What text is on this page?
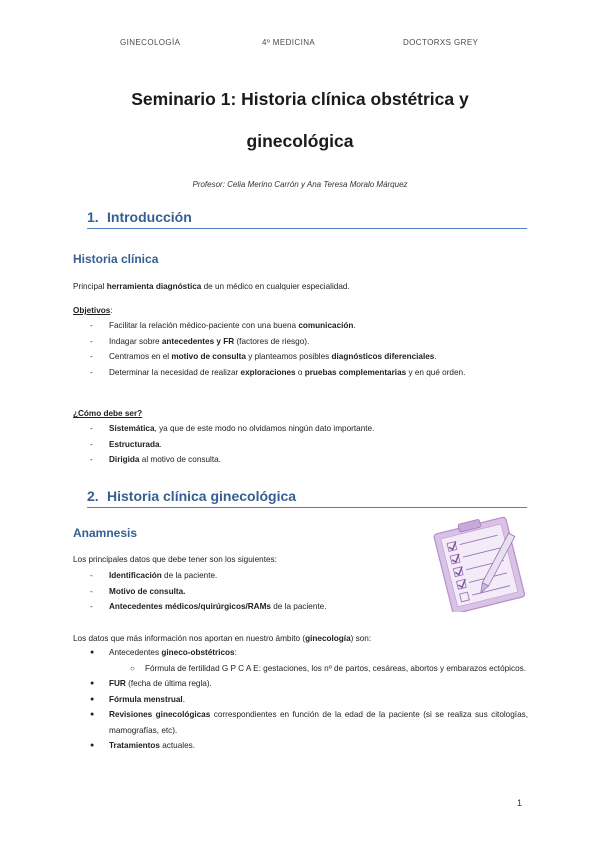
GINECOLOGÍA	4º MEDICINA	DOCTORXS GREY
Seminario 1: Historia clínica obstétrica y
ginecológica
Profesor: Celia Merino Carrón y Ana Teresa Moralo Márquez
1. Introducción
Historia clínica
Principal herramienta diagnóstica de un médico en cualquier especialidad.
Objetivos:
- Facilitar la relación médico-paciente con una buena comunicación.
- Indagar sobre antecedentes y FR (factores de riesgo).
- Centramos en el motivo de consulta y planteamos posibles diagnósticos diferenciales.
- Determinar la necesidad de realizar exploraciones o pruebas complementarias y en qué orden.
¿Cómo debe ser?
- Sistemática, ya que de este modo no olvidamos ningún dato importante.
- Estructurada.
- Dirigida al motivo de consulta.
2. Historia clínica ginecológica
Anamnesis
Los principales datos que debe tener son los siguientes:
- Identificación de la paciente.
- Motivo de consulta.
- Antecedentes médicos/quirúrgicos/RAMs de la paciente.
Los datos que más información nos aportan en nuestro ámbito (ginecología) son:
● Antecedentes gineco-obstétricos:
○ Fórmula de fertilidad G P C A E: gestaciones, los nº de partos, cesáreas, abortos y embarazos ectópicos.
● FUR (fecha de última regla).
● Fórmula menstrual.
● Revisiones ginecológicas correspondientes en función de la edad de la paciente (si se realiza sus citologías, mamografías, etc).
● Tratamientos actuales.
1
